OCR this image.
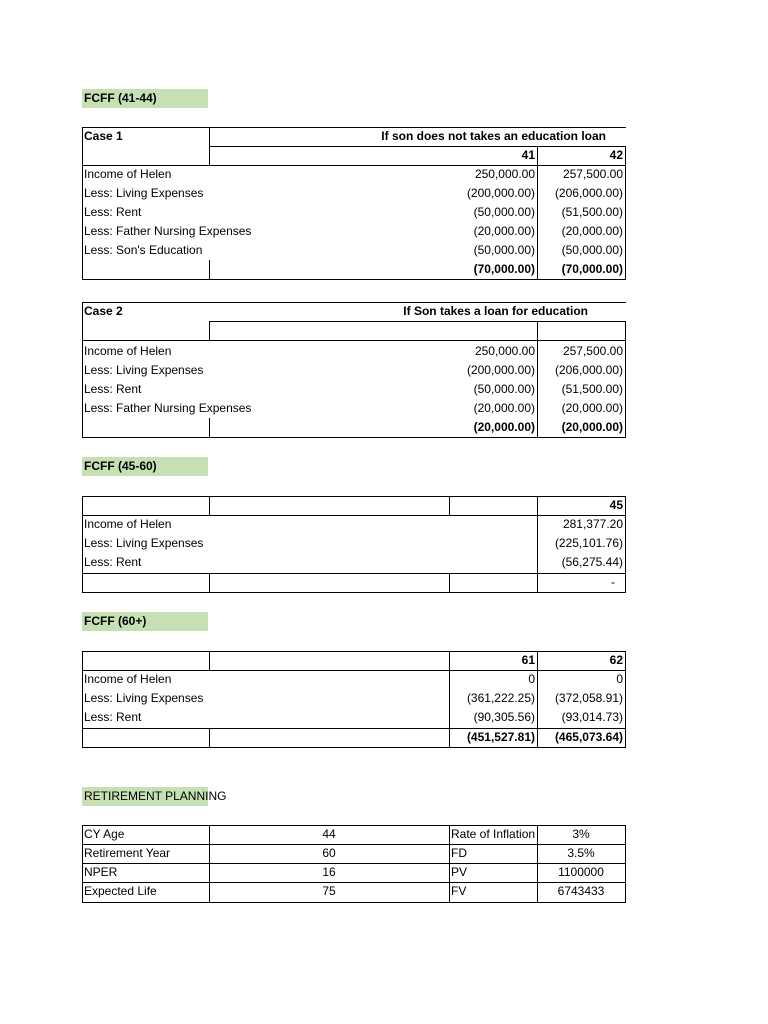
FCFF (41-44)
Case 1	If son does not takes an education loan
41	42
Income of Helen	250,000.00	257,500.00
Less: Living Expenses	(200,000.00)	(206,000.00)
Less: Rent	(50,000.00)	(51,500.00)
Less: Father Nursing Expenses	(20,000.00)	(20,000.00)
Less: Son's Education	(50,000.00)	(50,000.00)
(70,000.00)	(70,000.00)
Case 2	If Son takes a loan for education
Income of Helen	250,000.00	257,500.00
Less: Living Expenses	(200,000.00)	(206,000.00)
Less: Rent	(50,000.00)	(51,500.00)
Less: Father Nursing Expenses	(20,000.00)	(20,000.00)
(20,000.00)	(20,000.00)
FCFF (45-60)
45
Income of Helen	281,377.20
Less: Living Expenses	(225,101.76)
Less: Rent	(56,275.44)
-
FCFF (60+)
61	62
Income of Helen	0	0
Less: Living Expenses	(361,222.25)	(372,058.91)
Less: Rent	(90,305.56)	(93,014.73)
(451,527.81)	(465,073.64)
RETIREMENT PLANNING
CY Age	44	Rate of Inflation	3%
Retirement Year	60	FD	3.5%
NPER	16	PV	1100000
Expected Life	75	FV	6743433
